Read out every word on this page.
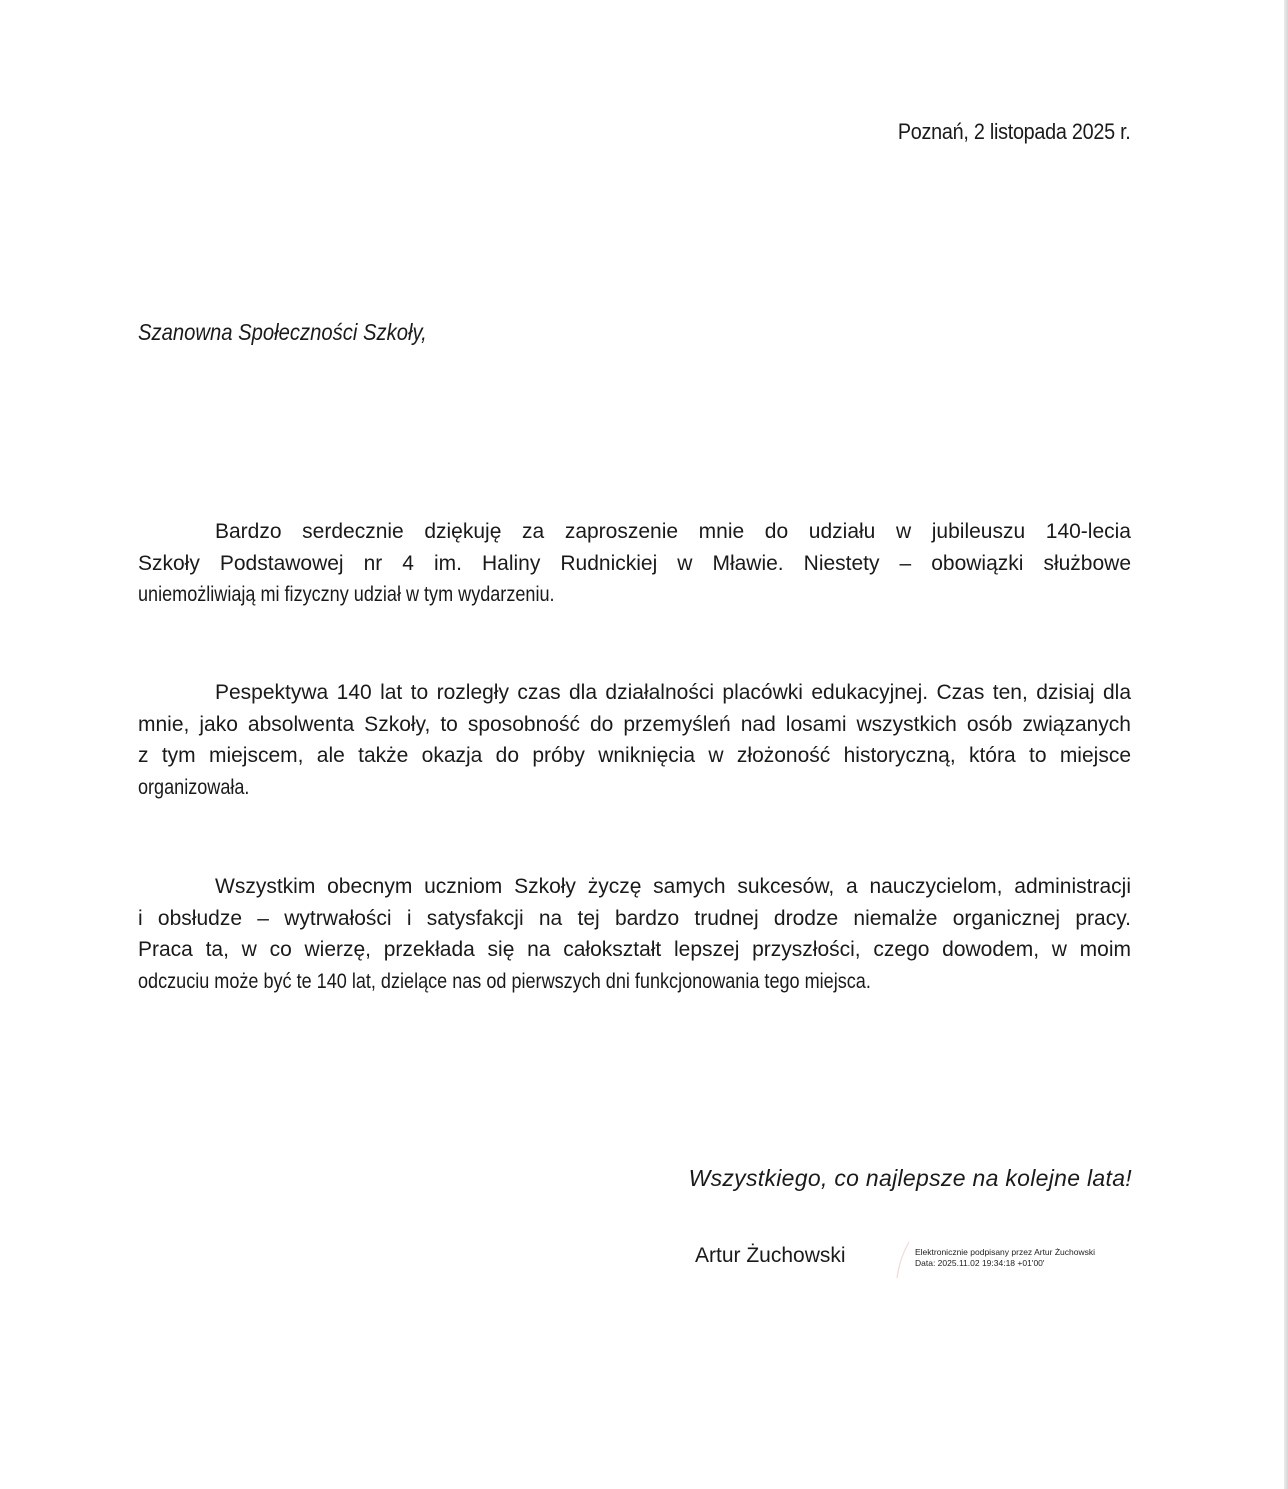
Poznań, 2 listopada 2025 r.
Szanowna Społeczności Szkoły,
Bardzo serdecznie dziękuję za zaproszenie mnie do udziału w jubileuszu 140-lecia
Szkoły Podstawowej nr 4 im. Haliny Rudnickiej w Mławie. Niestety – obowiązki służbowe
uniemożliwiają mi fizyczny udział w tym wydarzeniu.
Pespektywa 140 lat to rozległy czas dla działalności placówki edukacyjnej. Czas ten, dzisiaj dla
mnie, jako absolwenta Szkoły, to sposobność do przemyśleń nad losami wszystkich osób związanych
z tym miejscem, ale także okazja do próby wniknięcia w złożoność historyczną, która to miejsce
organizowała.
Wszystkim obecnym uczniom Szkoły życzę samych sukcesów, a nauczycielom, administracji
i obsłudze – wytrwałości i satysfakcji na tej bardzo trudnej drodze niemalże organicznej pracy.
Praca ta, w co wierzę, przekłada się na całokształt lepszej przyszłości, czego dowodem, w moim
odczuciu może być te 140 lat, dzielące nas od pierwszych dni funkcjonowania tego miejsca.
Wszystkiego, co najlepsze na kolejne lata!
Artur Żuchowski	Elektronicznie podpisany przez Artur Żuchowski
Data: 2025.11.02 19:34:18 +01'00'
